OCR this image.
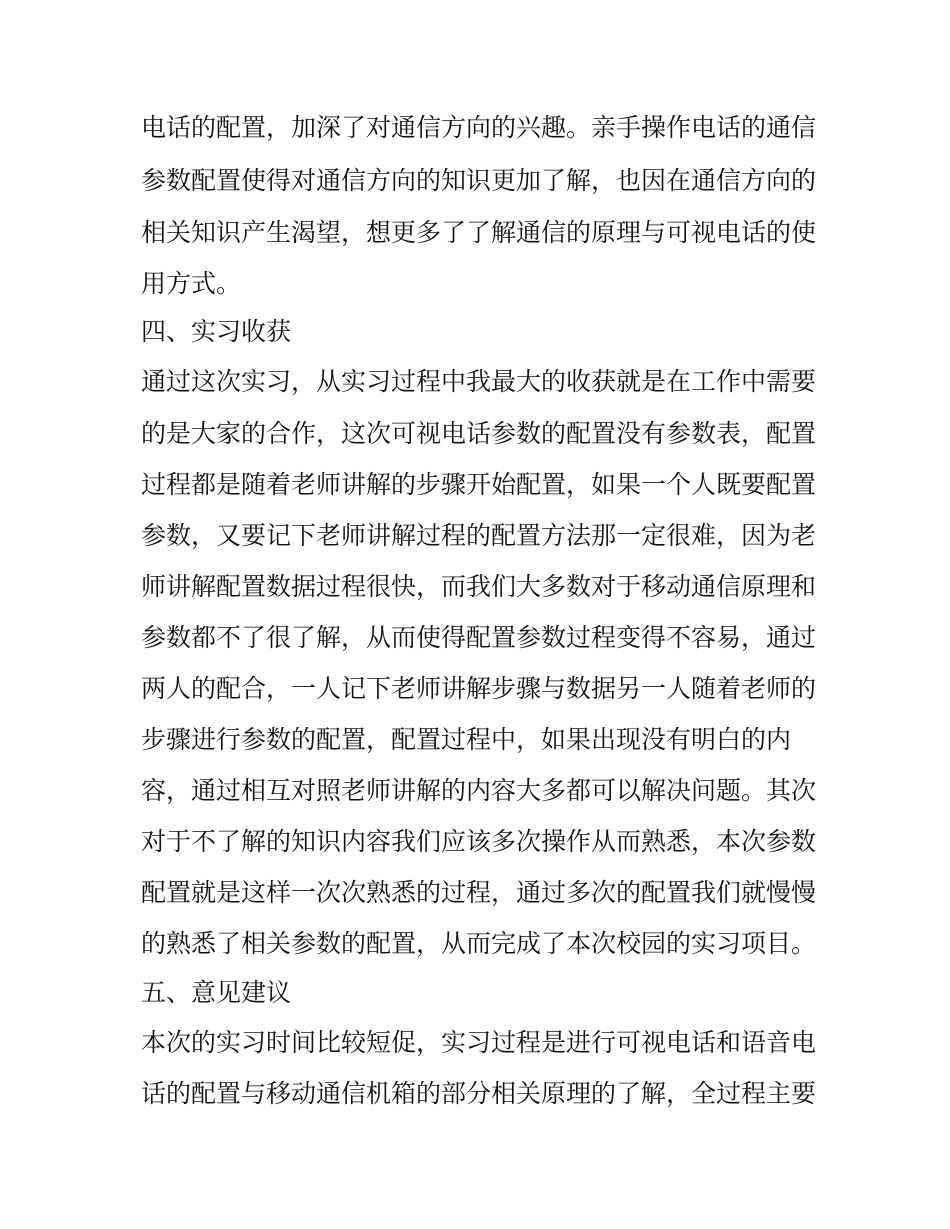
电话的配置，加深了对通信方向的兴趣。亲手操作电话的通信
参数配置使得对通信方向的知识更加了解，也因在通信方向的
相关知识产生渴望，想更多了了解通信的原理与可视电话的使
用方式。
四、实习收获
通过这次实习，从实习过程中我最大的收获就是在工作中需要
的是大家的合作，这次可视电话参数的配置没有参数表，配置
过程都是随着老师讲解的步骤开始配置，如果一个人既要配置
参数，又要记下老师讲解过程的配置方法那一定很难，因为老
师讲解配置数据过程很快，而我们大多数对于移动通信原理和
参数都不了很了解，从而使得配置参数过程变得不容易，通过
两人的配合，一人记下老师讲解步骤与数据另一人随着老师的
步骤进行参数的配置，配置过程中，如果出现没有明白的内
容，通过相互对照老师讲解的内容大多都可以解决问题。其次
对于不了解的知识内容我们应该多次操作从而熟悉，本次参数
配置就是这样一次次熟悉的过程，通过多次的配置我们就慢慢
的熟悉了相关参数的配置，从而完成了本次校园的实习项目。
五、意见建议
本次的实习时间比较短促，实习过程是进行可视电话和语音电
话的配置与移动通信机箱的部分相关原理的了解，全过程主要
